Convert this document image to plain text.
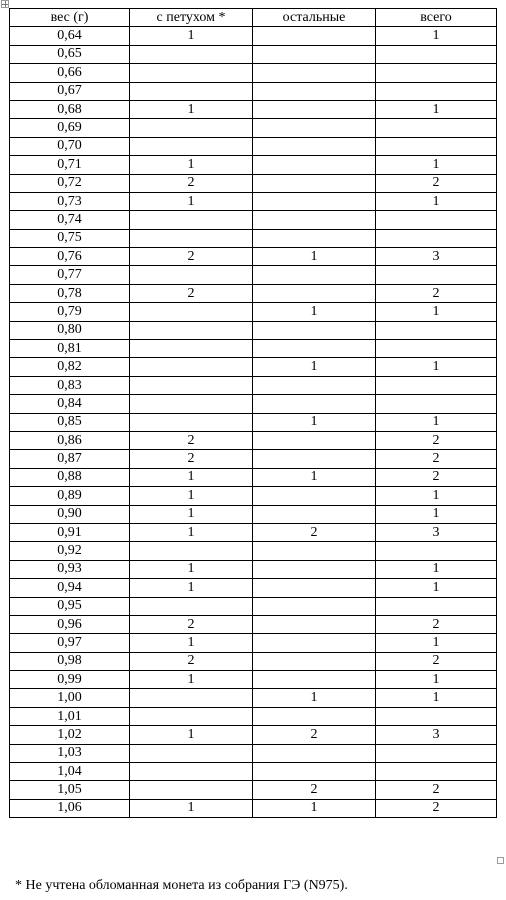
вес (г)	с петухом *	остальные	всего
0,64	1		1
0,65			
0,66			
0,67			
0,68	1		1
0,69			
0,70			
0,71	1		1
0,72	2		2
0,73	1		1
0,74			
0,75			
0,76	2	1	3
0,77			
0,78	2		2
0,79		1	1
0,80			
0,81			
0,82		1	1
0,83			
0,84			
0,85		1	1
0,86	2		2
0,87	2		2
0,88	1	1	2
0,89	1		1
0,90	1		1
0,91	1	2	3
0,92			
0,93	1		1
0,94	1		1
0,95			
0,96	2		2
0,97	1		1
0,98	2		2
0,99	1		1
1,00		1	1
1,01			
1,02	1	2	3
1,03			
1,04			
1,05		2	2
1,06	1	1	2

* Не учтена обломанная монета из собрания ГЭ (N975).
